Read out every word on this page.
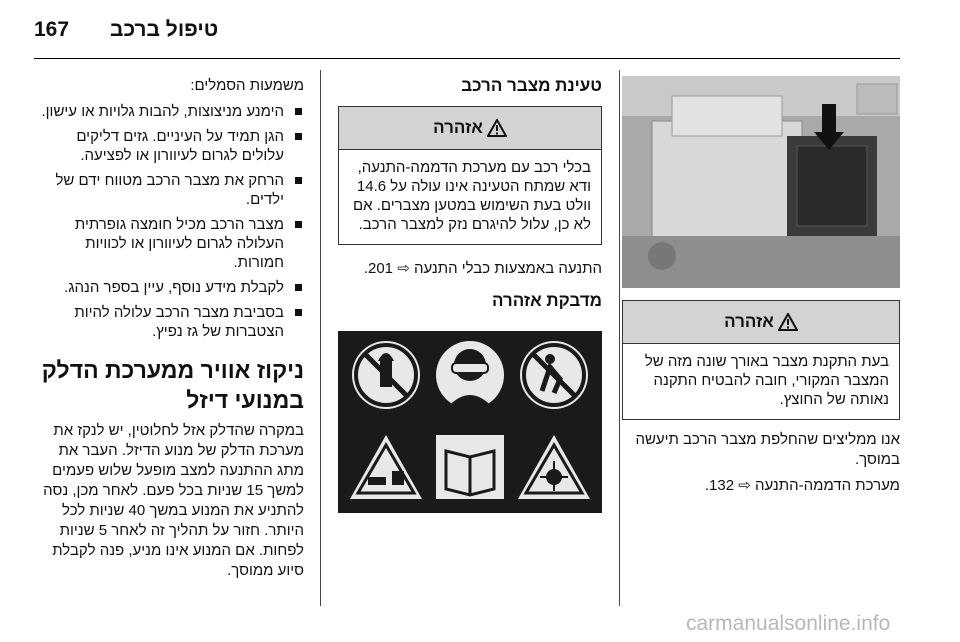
167 טיפול ברכב
אזהרה
בעת התקנת מצבר באורך שונה מזה של המצבר המקורי, חובה להבטיח התקנה נאותה של החוצץ.
אנו ממליצים שהחלפת מצבר הרכב תיעשה במוסך.
מערכת הדממה-התנעה ⇨ 132.
טעינת מצבר הרכב
אזהרה
בכלי רכב עם מערכת הדממה-התנעה, ודא שמתח הטעינה אינו עולה על 14.6 וולט בעת השימוש במטען מצברים. אם לא כן, עלול להיגרם נזק למצבר הרכב.
התנעה באמצעות כבלי התנעה ⇨ 201.
מדבקת אזהרה
משמעות הסמלים:
הימנע מניצוצות, להבות גלויות או עישון.
הגן תמיד על העיניים. גזים דליקים עלולים לגרום לעיוורון או לפציעה.
הרחק את מצבר הרכב מטווח ידם של ילדים.
מצבר הרכב מכיל חומצה גופרתית העלולה לגרום לעיוורון או לכוויות חמורות.
לקבלת מידע נוסף, עיין בספר הנהג.
בסביבת מצבר הרכב עלולה להיות הצטברות של גז נפיץ.
ניקוז אוויר ממערכת הדלק במנועי דיזל
במקרה שהדלק אזל לחלוטין, יש לנקז את מערכת הדלק של מנוע הדיזל. העבר את מתג ההתנעה למצב מופעל שלוש פעמים למשך 15 שניות בכל פעם. לאחר מכן, נסה להתניע את המנוע במשך 40 שניות לכל היותר. חזור על תהליך זה לאחר 5 שניות לפחות. אם המנוע אינו מניע, פנה לקבלת סיוע ממוסך.
carmanualsonline.info
